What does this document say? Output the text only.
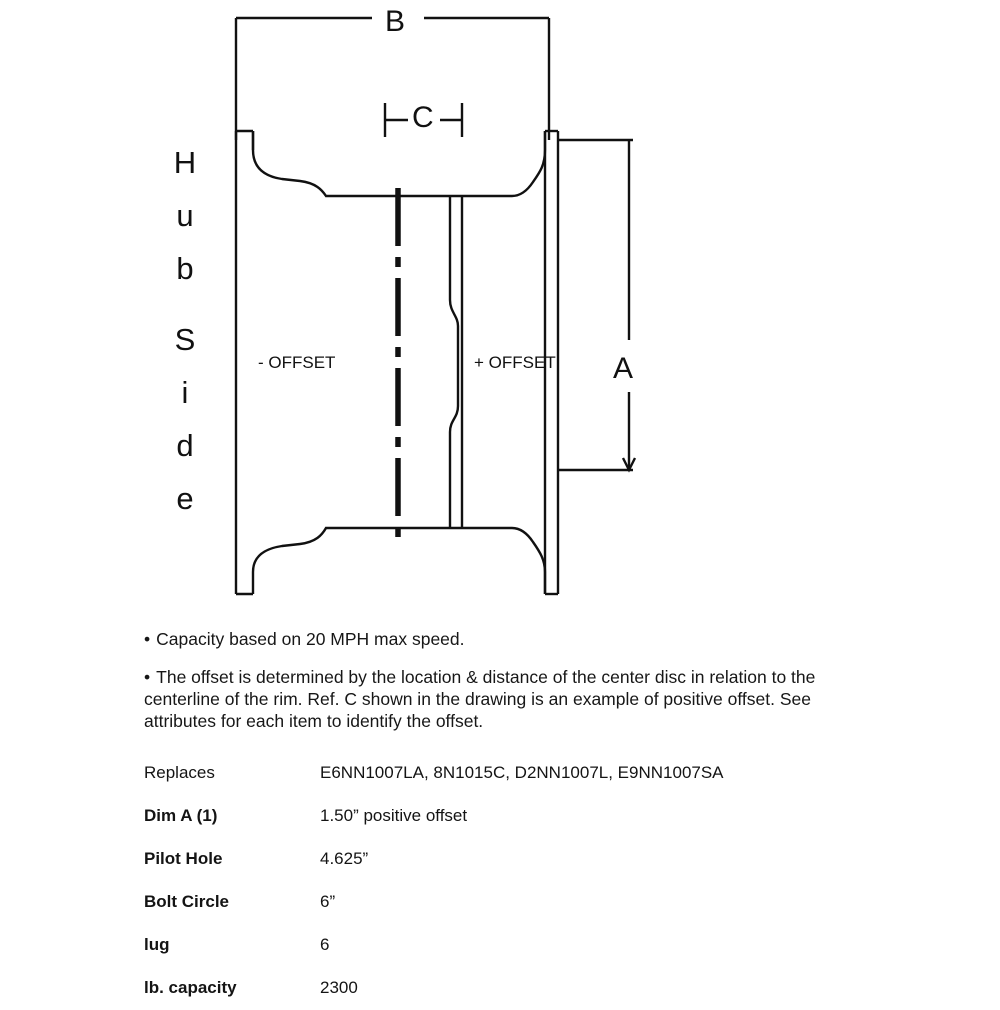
H
u
b
S
i
d
e
B
C
A
- OFFSET	+ OFFSET
• Capacity based on 20 MPH max speed.
• The offset is determined by the location & distance of the center disc in relation to the centerline of the rim. Ref. C shown in the drawing is an example of positive offset. See attributes for each item to identify the offset.
Replaces	E6NN1007LA, 8N1015C, D2NN1007L, E9NN1007SA
Dim A (1)	1.50” positive offset
Pilot Hole	4.625”
Bolt Circle	6”
lug	6
lb. capacity	2300
